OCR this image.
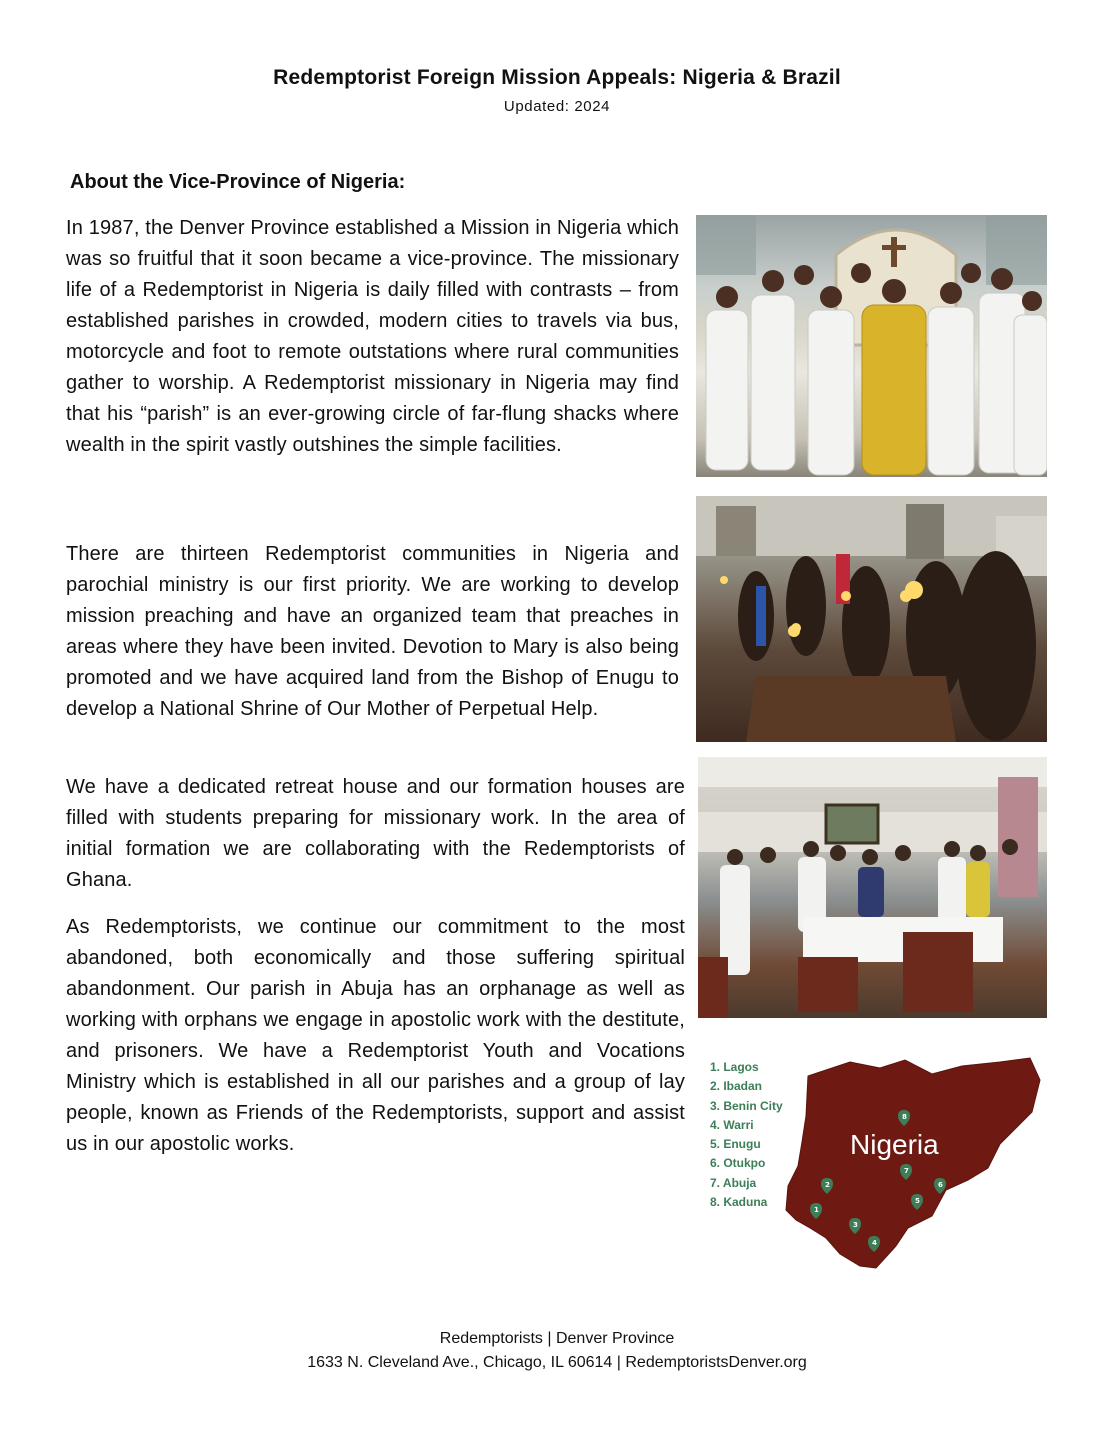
Redemptorist Foreign Mission Appeals: Nigeria & Brazil
Updated: 2024
About the Vice-Province of Nigeria:

In 1987, the Denver Province established a Mission in Nigeria which was so fruitful that it soon became a vice-province. The missionary life of a Redemptorist in Nigeria is daily filled with contrasts – from established parishes in crowded, modern cities to travels via bus, motorcycle and foot to remote outstations where rural communities gather to worship. A Redemptorist missionary in Nigeria may find that his “parish” is an ever-growing circle of far-flung shacks where wealth in the spirit vastly outshines the simple facilities.

There are thirteen Redemptorist communities in Nigeria and parochial ministry is our first priority. We are working to develop mission preaching and have an organized team that preaches in areas where they have been invited. Devotion to Mary is also being promoted and we have acquired land from the Bishop of Enugu to develop a National Shrine of Our Mother of Perpetual Help.

We have a dedicated retreat house and our formation houses are filled with students preparing for missionary work. In the area of initial formation we are collaborating with the Redemptorists of Ghana.

As Redemptorists, we continue our commitment to the most abandoned, both economically and those suffering spiritual abandonment. Our parish in Abuja has an orphanage as well as working with orphans we engage in apostolic work with the destitute, and prisoners. We have a Redemptorist Youth and Vocations Ministry which is established in all our parishes and a group of lay people, known as Friends of the Redemptorists, support and assist us in our apostolic works.	Nigeria
1
2
3
4
5
6
7
8
1. Lagos
2. Ibadan
3. Benin City
4. Warri
5. Enugu
6. Otukpo
7. Abuja
8. Kaduna
Redemptorists | Denver Province
1633 N. Cleveland Ave., Chicago, IL 60614 | RedemptoristsDenver.org
